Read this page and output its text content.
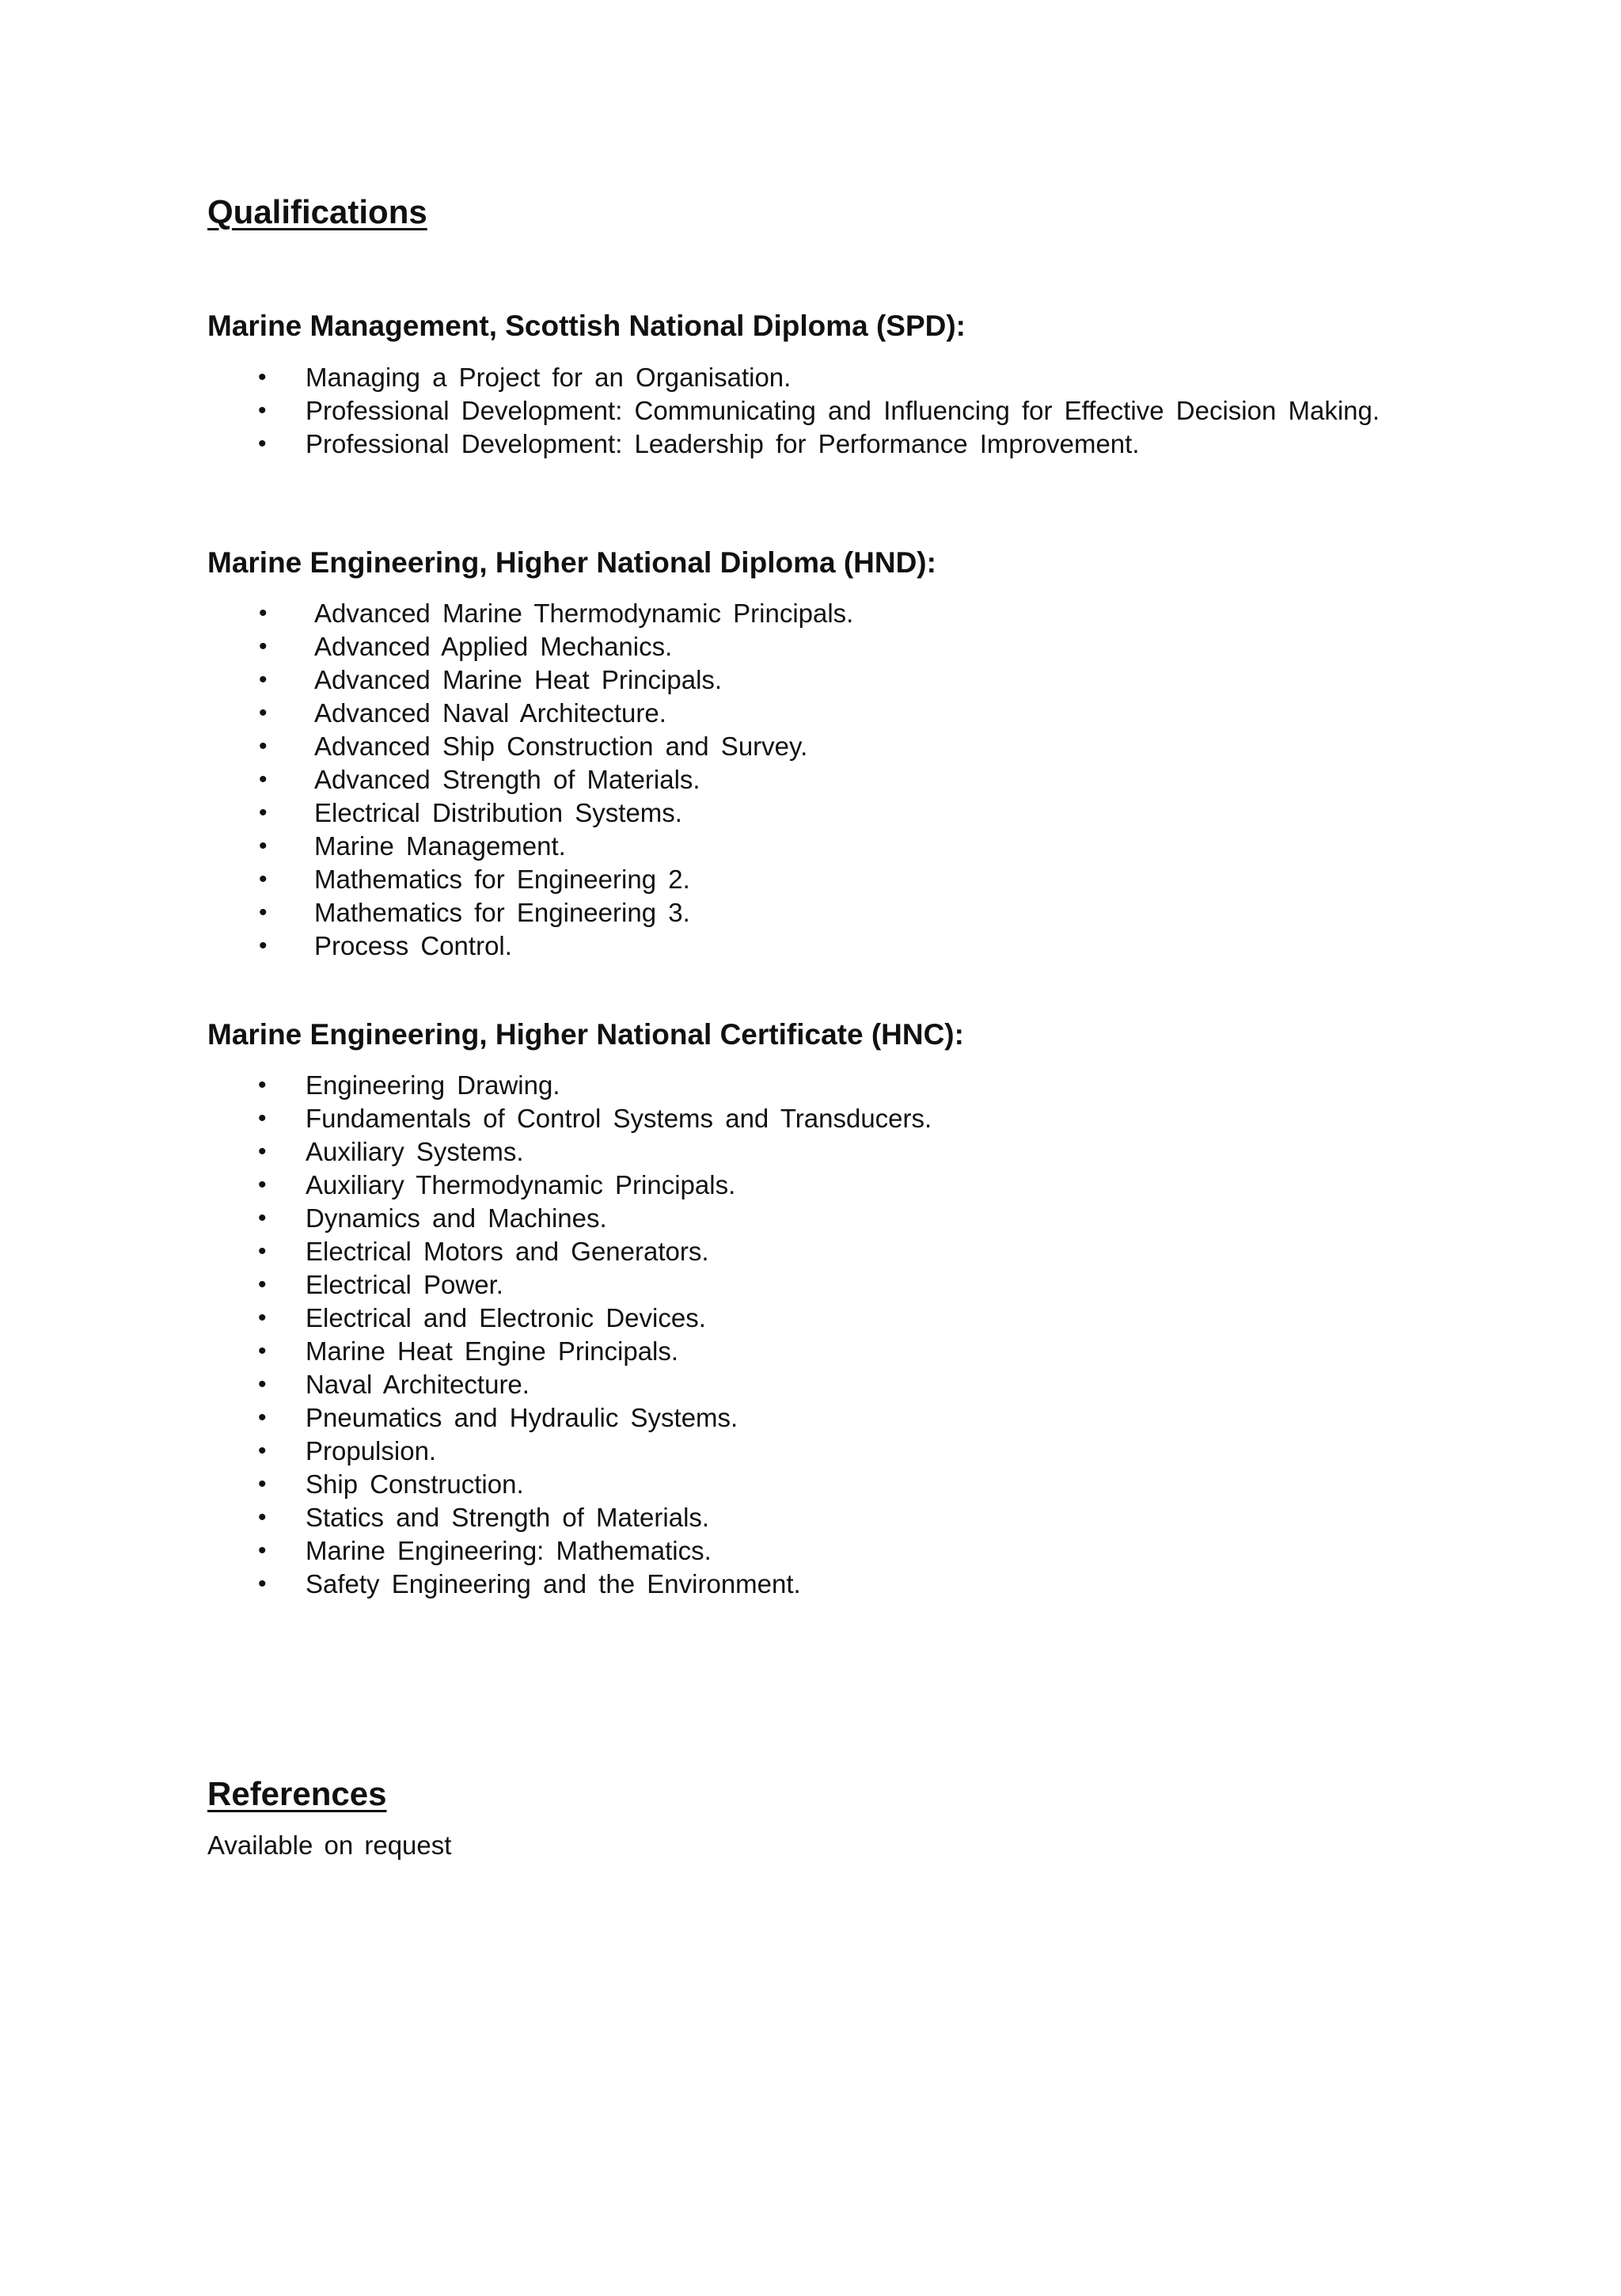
Qualifications
Marine Management, Scottish National Diploma (SPD):
• Managing a Project for an Organisation.
• Professional Development: Communicating and Influencing for Effective Decision Making.
• Professional Development: Leadership for Performance Improvement.
Marine Engineering, Higher National Diploma (HND):
• Advanced Marine Thermodynamic Principals.
• Advanced Applied Mechanics.
• Advanced Marine Heat Principals.
• Advanced Naval Architecture.
• Advanced Ship Construction and Survey.
• Advanced Strength of Materials.
• Electrical Distribution Systems.
• Marine Management.
• Mathematics for Engineering 2.
• Mathematics for Engineering 3.
• Process Control.
Marine Engineering, Higher National Certificate (HNC):
• Engineering Drawing.
• Fundamentals of Control Systems and Transducers.
• Auxiliary Systems.
• Auxiliary Thermodynamic Principals.
• Dynamics and Machines.
• Electrical Motors and Generators.
• Electrical Power.
• Electrical and Electronic Devices.
• Marine Heat Engine Principals.
• Naval Architecture.
• Pneumatics and Hydraulic Systems.
• Propulsion.
• Ship Construction.
• Statics and Strength of Materials.
• Marine Engineering: Mathematics.
• Safety Engineering and the Environment.
References

Available on request
